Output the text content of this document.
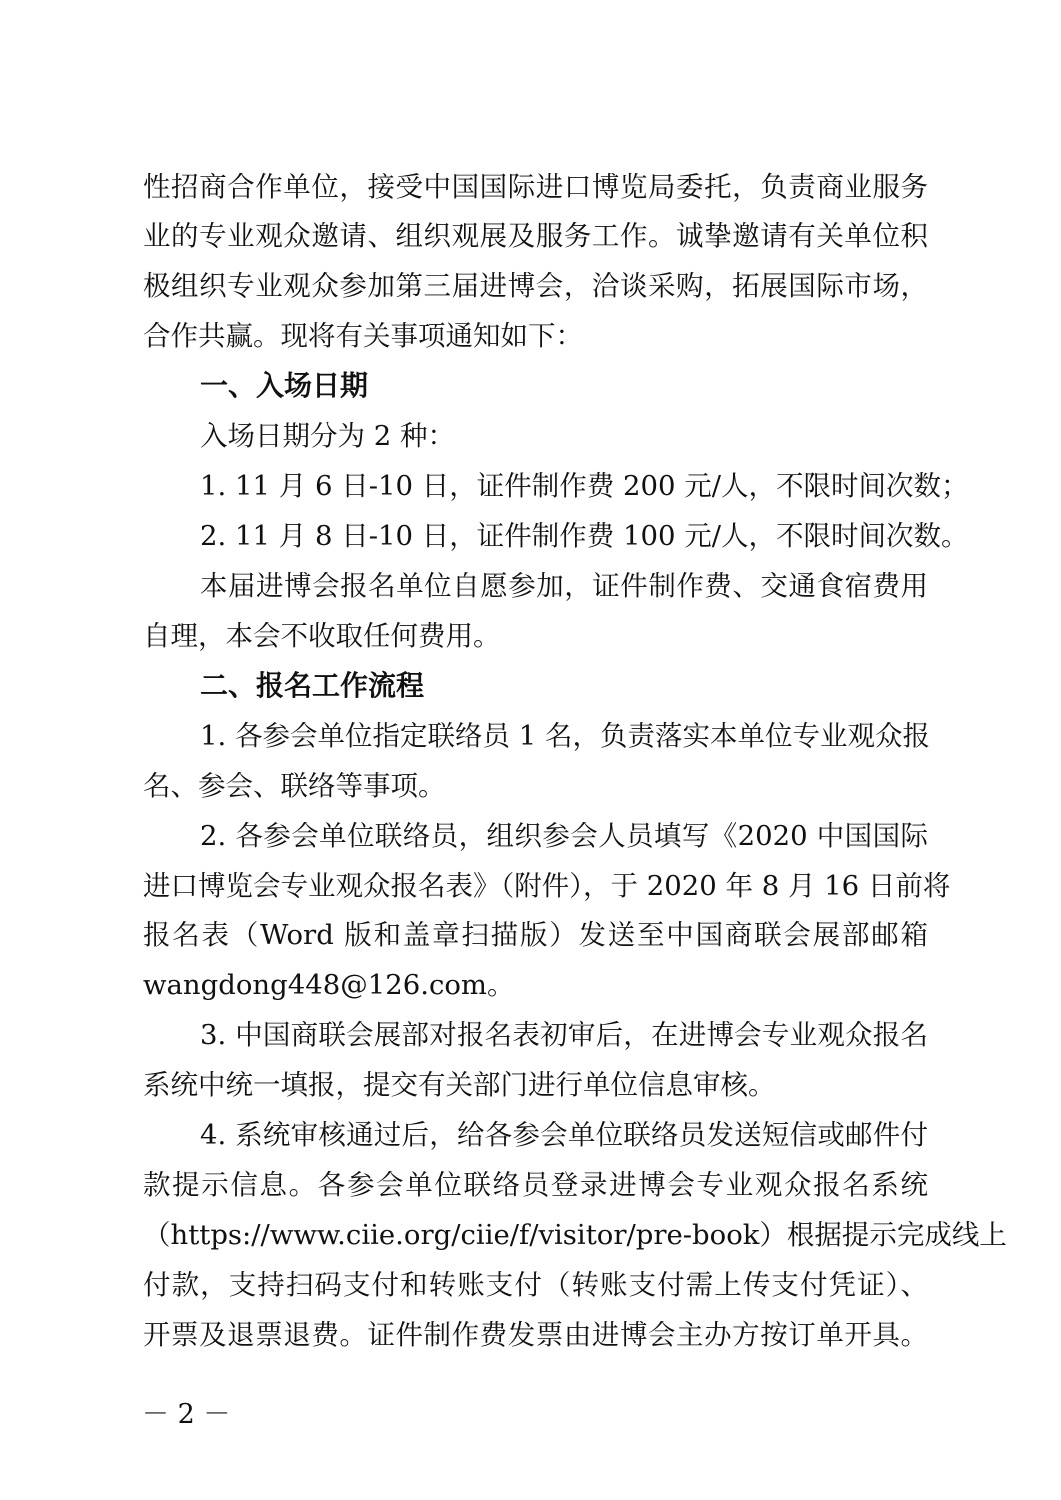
性招商合作单位，接受中国国际进口博览局委托，负责商业服务

业的专业观众邀请、组织观展及服务工作。诚挚邀请有关单位积

极组织专业观众参加第三届进博会，洽谈采购，拓展国际市场，

合作共赢。现将有关事项通知如下：

一、入场日期

入场日期分为 2 种：

1. 11 月 6 日-10 日，证件制作费 200 元/人，不限时间次数；

2. 11 月 8 日-10 日，证件制作费 100 元/人，不限时间次数。

本届进博会报名单位自愿参加，证件制作费、交通食宿费用

自理，本会不收取任何费用。

二、报名工作流程

1. 各参会单位指定联络员 1 名，负责落实本单位专业观众报

名、参会、联络等事项。

2. 各参会单位联络员，组织参会人员填写《2020 中国国际

进口博览会专业观众报名表》（附件），于 2020 年 8 月 16 日前将

报名表（Word 版和盖章扫描版）发送至中国商联会展部邮箱

wangdong448@126.com。

3. 中国商联会展部对报名表初审后，在进博会专业观众报名

系统中统一填报，提交有关部门进行单位信息审核。

4. 系统审核通过后，给各参会单位联络员发送短信或邮件付

款提示信息。各参会单位联络员登录进博会专业观众报名系统

（https://www.ciie.org/ciie/f/visitor/pre-book）根据提示完成线上

付款，支持扫码支付和转账支付（转账支付需上传支付凭证）、

开票及退票退费。证件制作费发票由进博会主办方按订单开具。

－ 2 －
